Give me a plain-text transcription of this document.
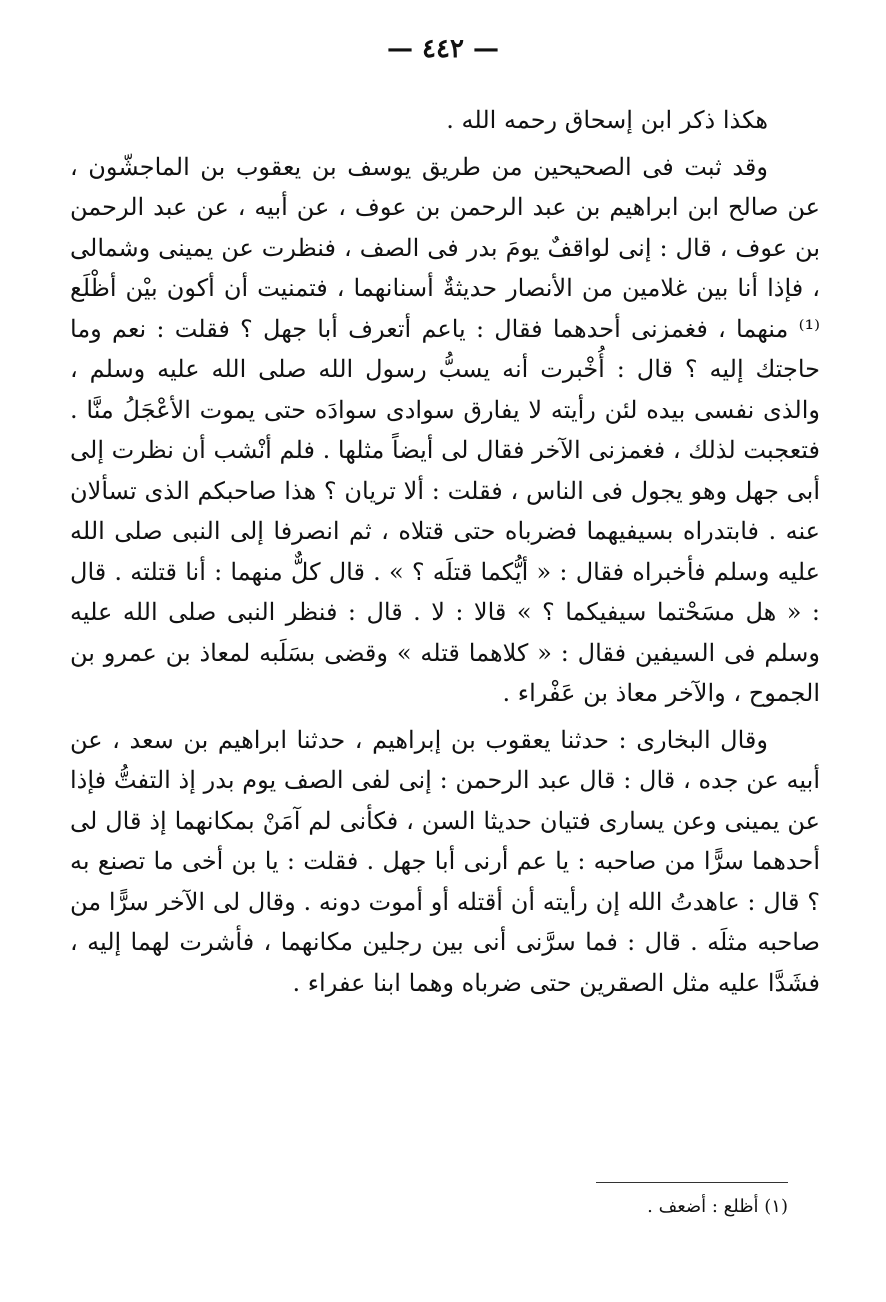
— ٤٤٢ —

هكذا ذكر ابن إسحاق رحمه الله .

وقد ثبت فى الصحيحين من طريق يوسف بن يعقوب بن الماجشّون ، عن صالح ابن ابراهيم بن عبد الرحمن بن عوف ، عن أبيه ، عن عبد الرحمن بن عوف ، قال : إنى لواقفٌ يومَ بدر فى الصف ، فنظرت عن يمينى وشمالى ، فإذا أنا بين غلامين من الأنصار حديثةٌ أسنانهما ، فتمنيت أن أكون بيْن أظْلَع ⁽¹⁾ منهما ، فغمزنى أحدهما فقال : ياعم أتعرف أبا جهل ؟ فقلت : نعم وما حاجتك إليه ؟ قال : أُخْبرت أنه يسبُّ رسول الله صلى الله عليه وسلم ، والذى نفسى بيده لئن رأيته لا يفارق سوادى سوادَه حتى يموت الأعْجَلُ منَّا . فتعجبت لذلك ، فغمزنى الآخر فقال لى أيضاً مثلها . فلم أنْشب أن نظرت إلى أبى جهل وهو يجول فى الناس ، فقلت : ألا تريان ؟ هذا صاحبكم الذى تسألان عنه . فابتدراه بسيفيهما فضرباه حتى قتلاه ، ثم انصرفا إلى النبى صلى الله عليه وسلم فأخبراه فقال : « أيُّكما قتلَه ؟ » . قال كلٌّ منهما : أنا قتلته . قال : « هل مسَحْتما سيفيكما ؟ » قالا : لا . قال : فنظر النبى صلى الله عليه وسلم فى السيفين فقال : « كلاهما قتله » وقضى بسَلَبه لمعاذ بن عمرو بن الجموح ، والآخر معاذ بن عَفْراء .

وقال البخارى : حدثنا يعقوب بن إبراهيم ، حدثنا ابراهيم بن سعد ، عن أبيه عن جده ، قال : قال عبد الرحمن : إنى لفى الصف يوم بدر إذ التفتُّ فإذا عن يمينى وعن يسارى فتيان حديثا السن ، فكأنى لم آمَنْ بمكانهما إذ قال لى أحدهما سرًّا من صاحبه : يا عم أرنى أبا جهل . فقلت : يا بن أخى ما تصنع به ؟ قال : عاهدتُ الله إن رأيته أن أقتله أو أموت دونه . وقال لى الآخر سرًّا من صاحبه مثلَه . قال : فما سرَّنى أنى بين رجلين مكانهما ، فأشرت لهما إليه ، فشَدَّا عليه مثل الصقرين حتى ضرباه وهما ابنا عفراء .

(١) أظلع : أضعف .
